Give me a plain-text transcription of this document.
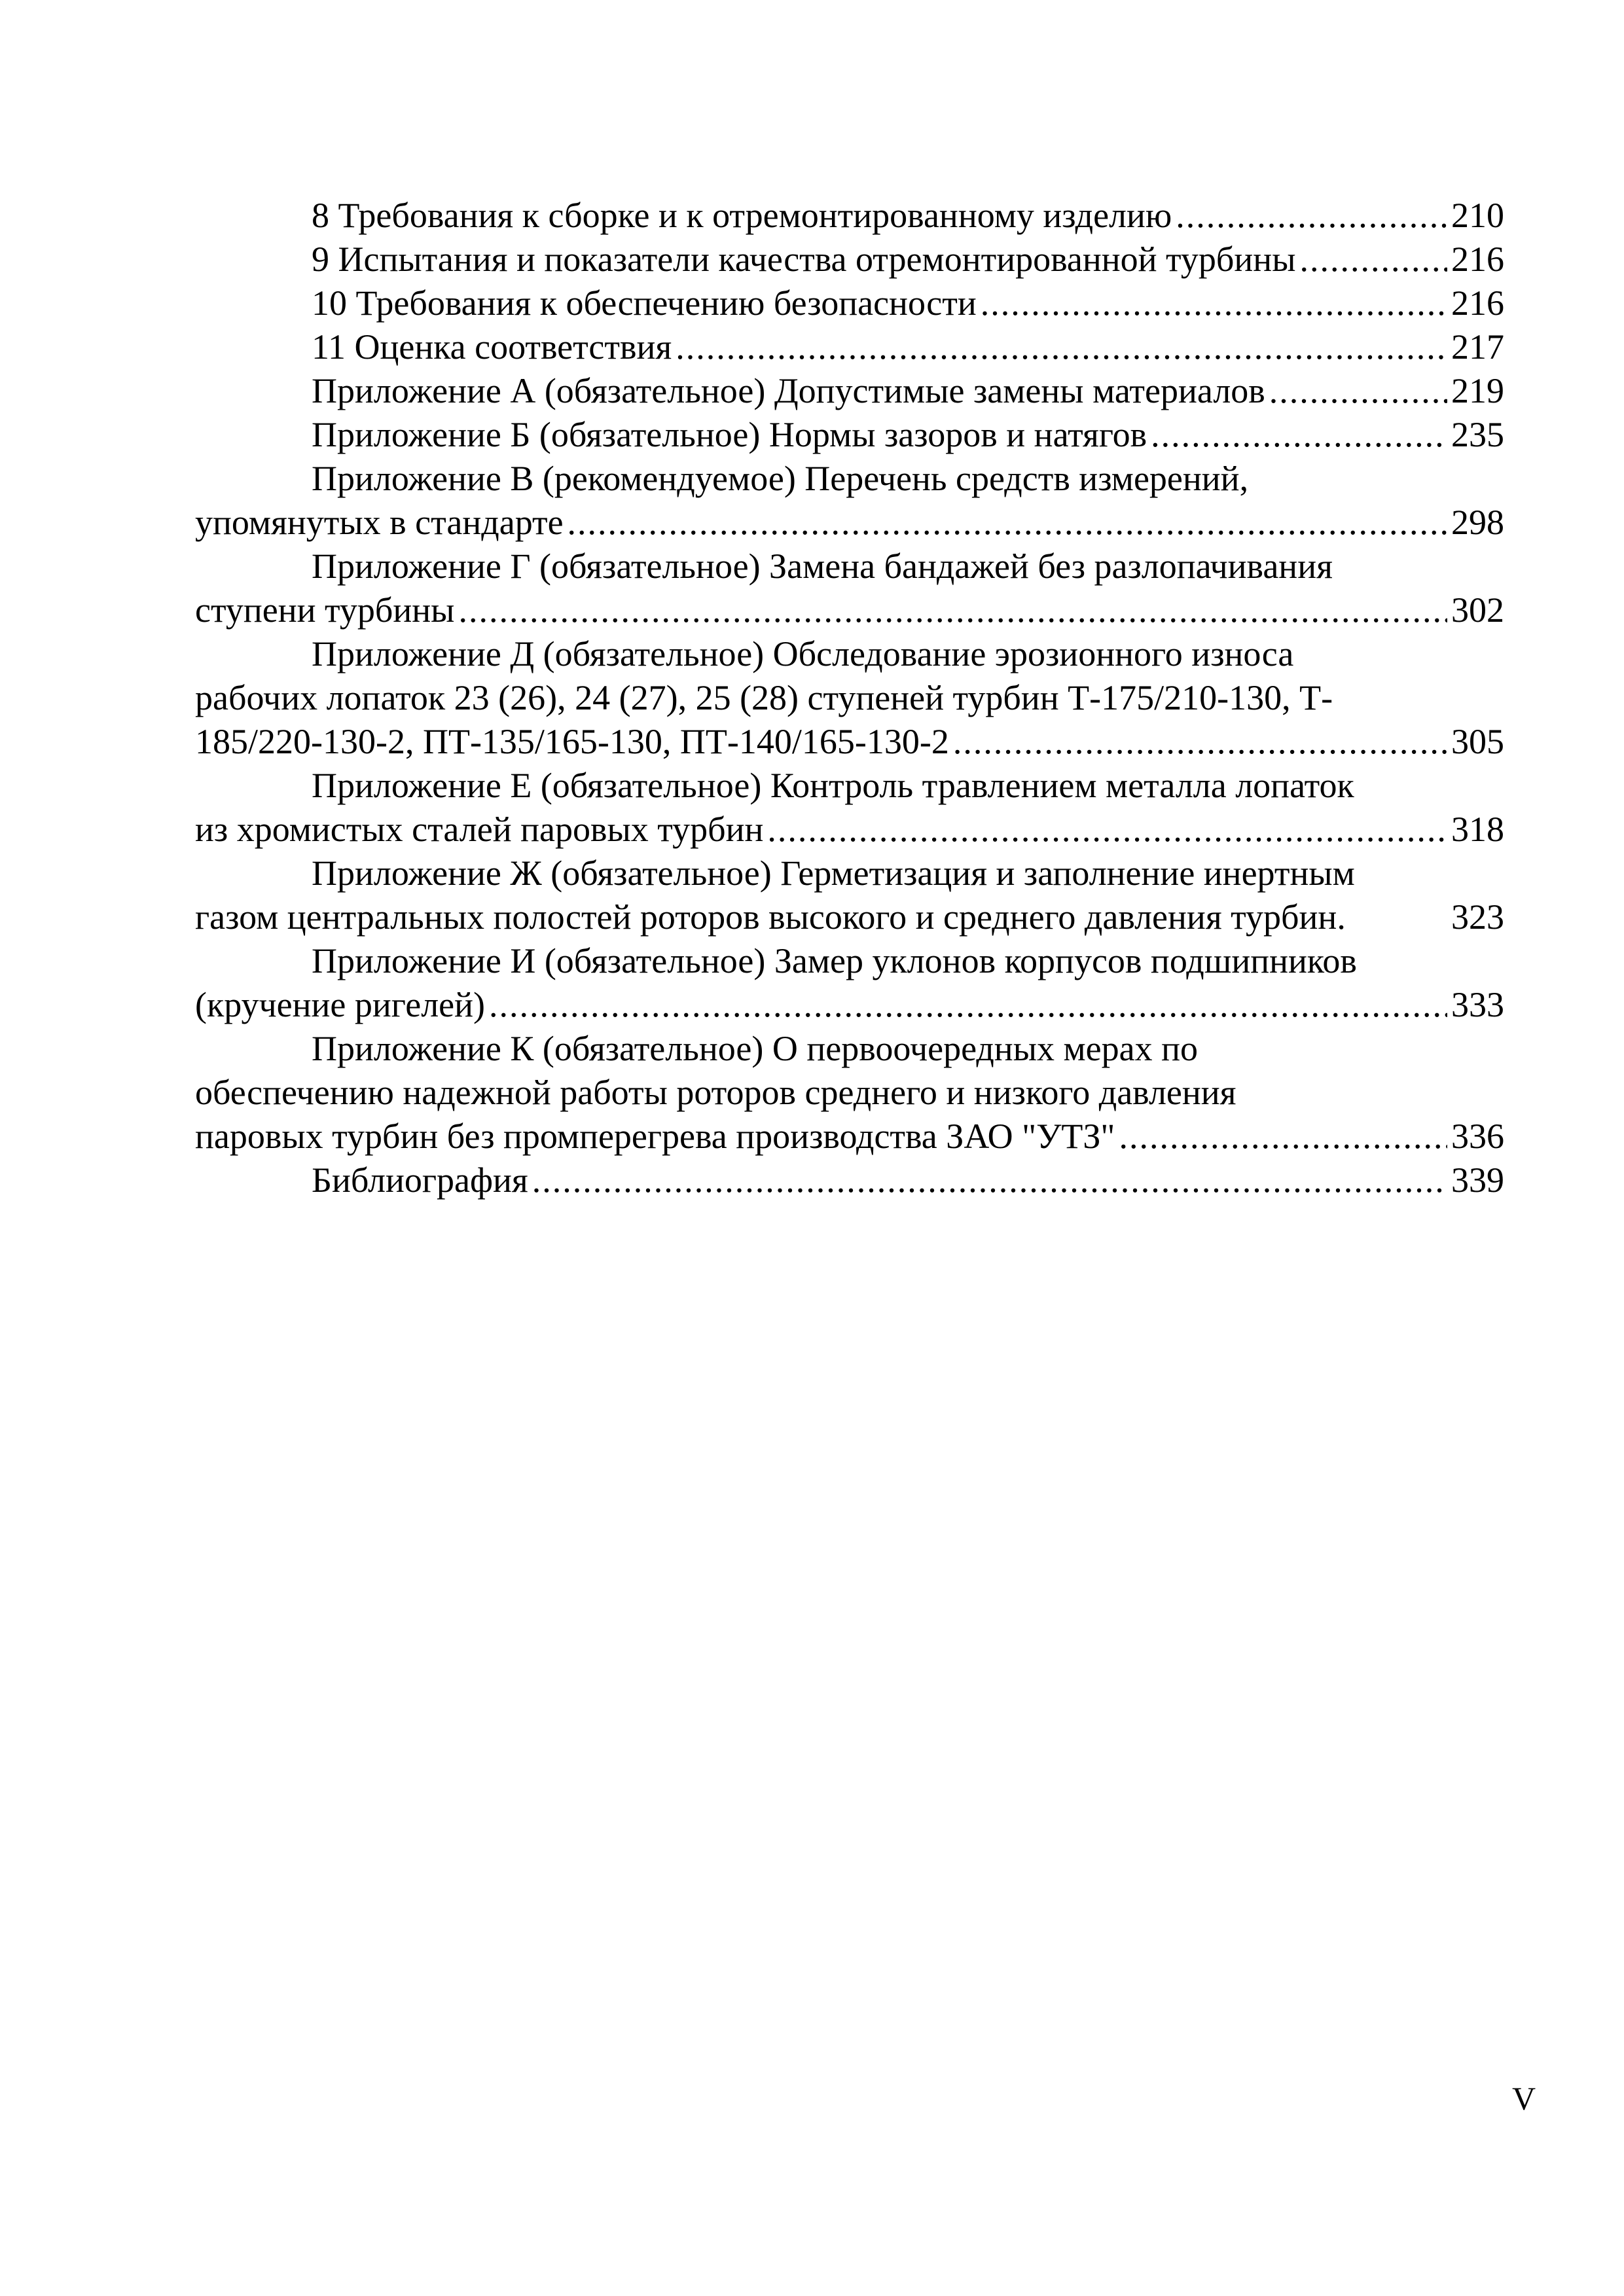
8 Требования к сборке и к отремонтированному изделию .....	210
9 Испытания и показатели качества отремонтированной турбины .....	216
10 Требования к обеспечению безопасности .....	216
11 Оценка соответствия .....	217
Приложение А (обязательное) Допустимые замены материалов .....	219
Приложение Б (обязательное) Нормы зазоров и натягов .....	235
Приложение В (рекомендуемое) Перечень средств измерений,
упомянутых в стандарте .....	298
Приложение Г (обязательное) Замена бандажей без разлопачивания
ступени турбины .....	302
Приложение Д (обязательное) Обследование эрозионного износа
рабочих лопаток 23 (26), 24 (27), 25 (28) ступеней турбин Т-175/210-130, Т-
185/220-130-2, ПТ-135/165-130, ПТ-140/165-130-2 .....	305
Приложение Е (обязательное) Контроль травлением металла лопаток
из хромистых сталей паровых турбин .....	318
Приложение Ж (обязательное) Герметизация и заполнение инертным
газом центральных полостей роторов высокого и среднего давления турбин.	323
Приложение И (обязательное) Замер уклонов корпусов подшипников
(кручение ригелей) .....	333
Приложение К (обязательное) О первоочередных мерах по
обеспечению надежной работы роторов среднего и низкого давления
паровых турбин без промперегрева производства ЗАО "УТЗ" .....	336
Библиография .....	339
V
